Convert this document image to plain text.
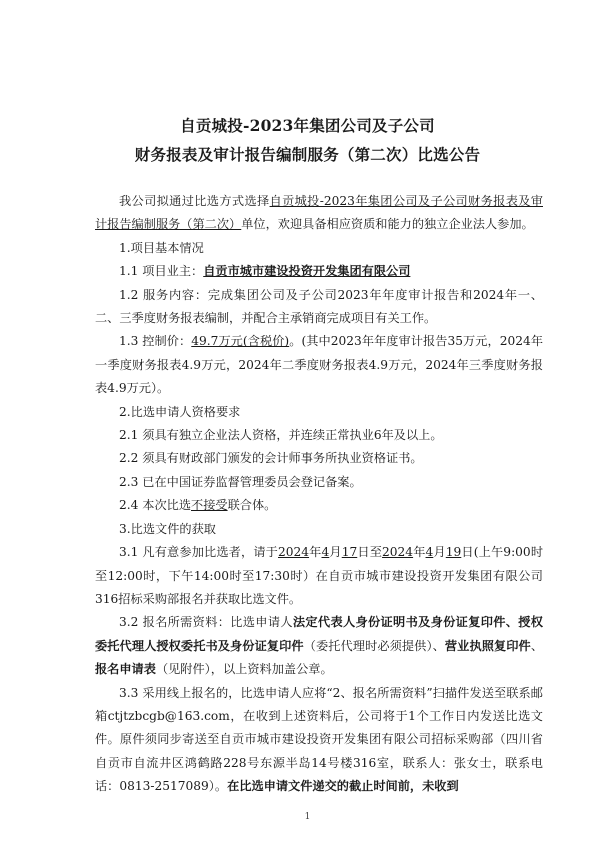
自贡城投-2023年集团公司及子公司
财务报表及审计报告编制服务（第二次）比选公告

我公司拟通过比选方式选择自贡城投-2023年集团公司及子公司财务报表及审计报告编制服务（第二次）单位，欢迎具备相应资质和能力的独立企业法人参加。

1.项目基本情况

1.1 项目业主：自贡市城市建设投资开发集团有限公司

1.2 服务内容：完成集团公司及子公司2023年年度审计报告和2024年一、二、三季度财务报表编制，并配合主承销商完成项目有关工作。

1.3 控制价：49.7万元(含税价)。(其中2023年年度审计报告35万元，2024年一季度财务报表4.9万元，2024年二季度财务报表4.9万元，2024年三季度财务报表4.9万元）。

2.比选申请人资格要求

2.1 须具有独立企业法人资格，并连续正常执业6年及以上。

2.2 须具有财政部门颁发的会计师事务所执业资格证书。

2.3 已在中国证券监督管理委员会登记备案。

2.4 本次比选不接受联合体。

3.比选文件的获取

3.1 凡有意参加比选者，请于2024年4月17日至2024年4月19日(上午9:00时至12:00时，下午14:00时至17:30时）在自贡市城市建设投资开发集团有限公司316招标采购部报名并获取比选文件。

3.2 报名所需资料：比选申请人法定代表人身份证明书及身份证复印件、授权委托代理人授权委托书及身份证复印件（委托代理时必须提供）、营业执照复印件、报名申请表（见附件），以上资料加盖公章。

3.3 采用线上报名的，比选申请人应将“2、报名所需资料”扫描件发送至联系邮箱ctjtzbcgb@163.com，在收到上述资料后，公司将于1个工作日内发送比选文件。原件须同步寄送至自贡市城市建设投资开发集团有限公司招标采购部（四川省自贡市自流井区鸿鹤路228号东源半岛14号楼316室，联系人：张女士，联系电话：0813-2517089）。在比选申请文件递交的截止时间前，未收到

1
